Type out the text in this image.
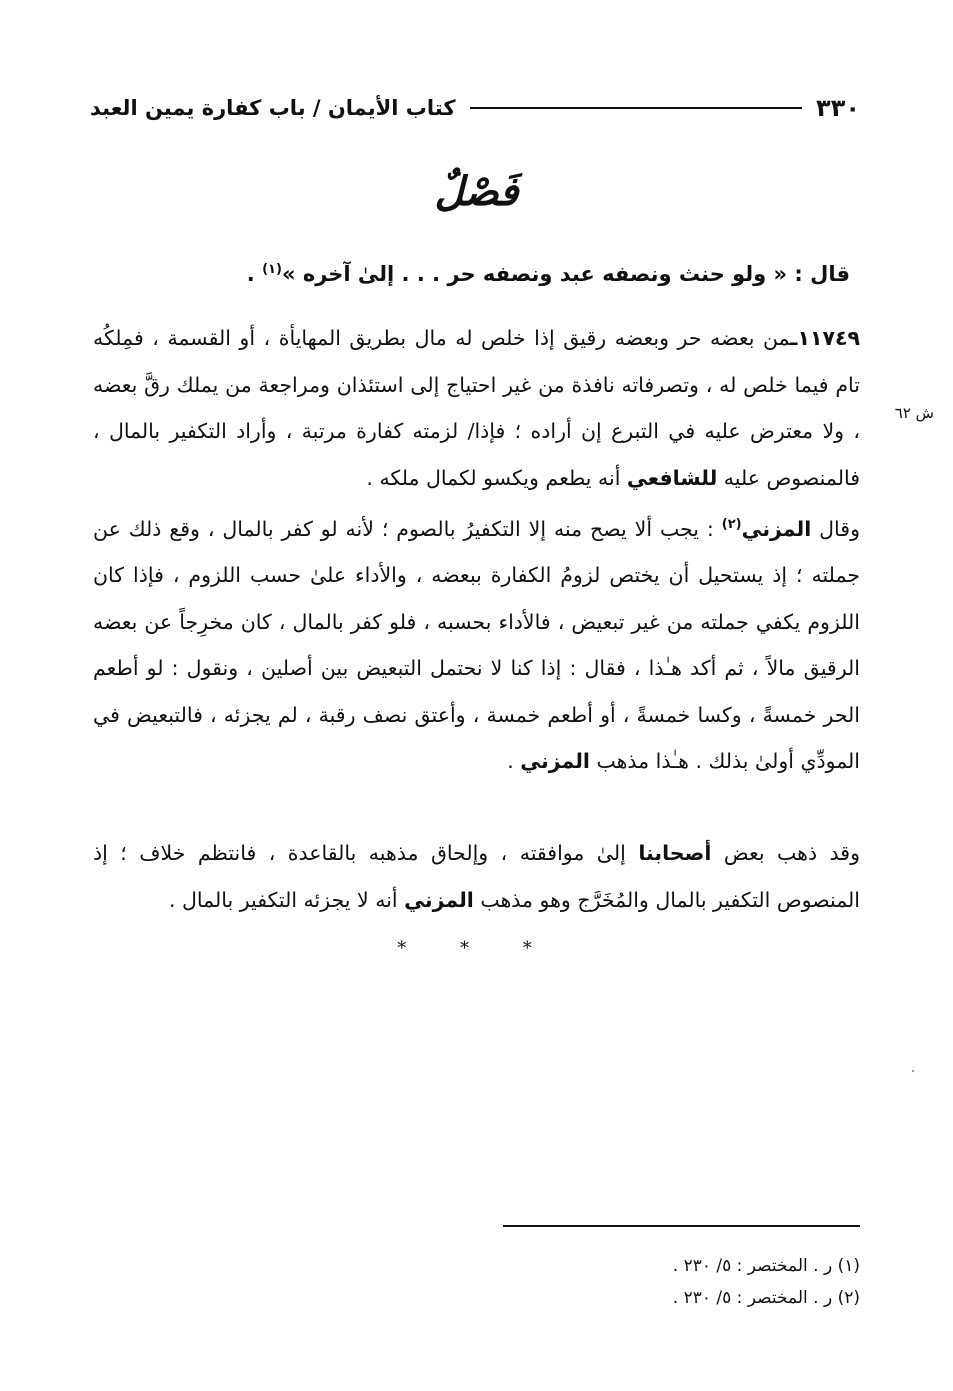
٣٣٠
كتاب الأيمان / باب كفارة يمين العبد
فَصْلٌ
قال : « ولو حنث ونصفه عبد ونصفه حر . . . إلىٰ آخره »$^{(١)}$ .
١١٧٤٩ـمن بعضه حر وبعضه رقيق إذا خلص له مال بطريق المهايأة ، أو القسمة ، فمِلكُه تام فيما خلص له ، وتصرفاته نافذة من غير احتياج إلى استئذان ومراجعة من يملك رقَّ بعضه ، ولا معترض عليه في التبرع إن أراده ؛ فإذا/ لزمته كفارة مرتبة ، وأراد التكفير بالمال ، فالمنصوص عليه للشافعي أنه يطعم ويكسو لكمال ملكه .
ش ٦٢
وقال المزني$^{(٢)}$ : يجب ألا يصح منه إلا التكفيرُ بالصوم ؛ لأنه لو كفر بالمال ، وقع ذلك عن جملته ؛ إذ يستحيل أن يختص لزومُ الكفارة ببعضه ، والأداء علىٰ حسب اللزوم ، فإذا كان اللزوم يكفي جملته من غير تبعيض ، فالأداء بحسبه ، فلو كفر بالمال ، كان مخرِجاً عن بعضه الرقيق مالاً ، ثم أكد هـٰذا ، فقال : إذا كنا لا نحتمل التبعيض بين أصلين ، ونقول : لو أطعم الحر خمسةً ، وكسا خمسةً ، أو أطعم خمسة ، وأعتق نصف رقبة ، لم يجزئه ، فالتبعيض في المودِّي أولىٰ بذلك . هـٰذا مذهب المزني .
وقد ذهب بعض أصحابنا إلىٰ موافقته ، وإلحاق مذهبه بالقاعدة ، فانتظم خلاف ؛ إذ المنصوص التكفير بالمال والمُخَرَّج وهو مذهب المزني أنه لا يجزئه التكفير بالمال .
* * *
(١) ر . المختصر : ٥/ ٢٣٠ .
(٢) ر . المختصر : ٥/ ٢٣٠ .
